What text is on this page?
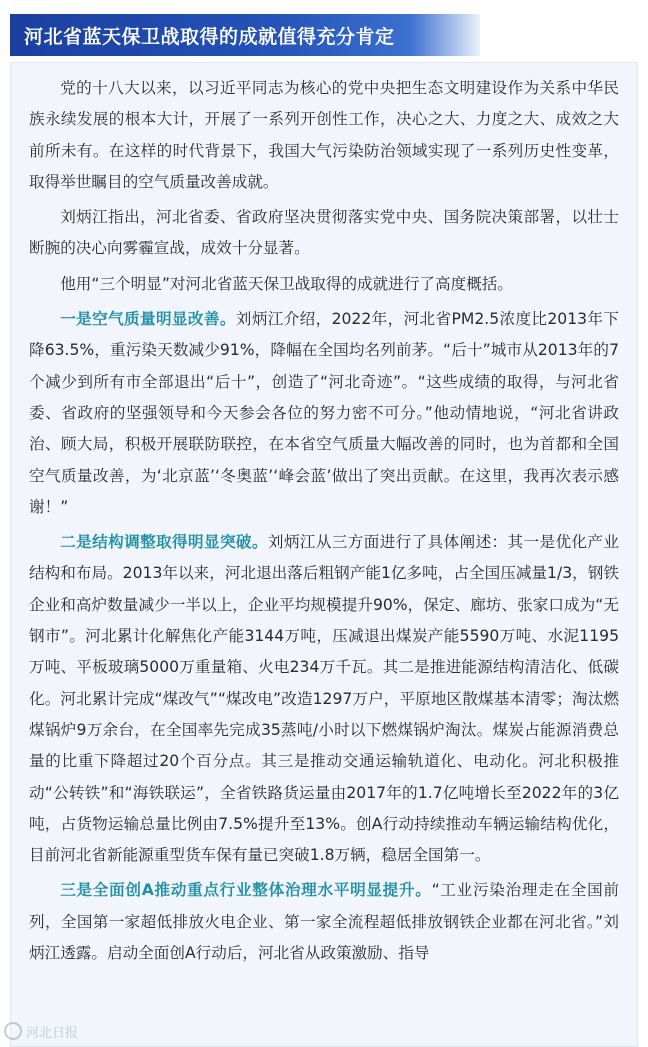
河北省蓝天保卫战取得的成就值得充分肯定

党的十八大以来，以习近平同志为核心的党中央把生态文明建设作为关系中华民族永续发展的根本大计，开展了一系列开创性工作，决心之大、力度之大、成效之大前所未有。在这样的时代背景下，我国大气污染防治领域实现了一系列历史性变革，取得举世瞩目的空气质量改善成就。

刘炳江指出，河北省委、省政府坚决贯彻落实党中央、国务院决策部署，以壮士断腕的决心向雾霾宣战，成效十分显著。

他用“三个明显”对河北省蓝天保卫战取得的成就进行了高度概括。

一是空气质量明显改善。刘炳江介绍，2022年，河北省PM2.5浓度比2013年下降63.5%，重污染天数减少91%，降幅在全国均名列前茅。“后十”城市从2013年的7个减少到所有市全部退出“后十”，创造了“河北奇迹”。“这些成绩的取得，与河北省委、省政府的坚强领导和今天参会各位的努力密不可分。”他动情地说，“河北省讲政治、顾大局，积极开展联防联控，在本省空气质量大幅改善的同时，也为首都和全国空气质量改善，为‘北京蓝’‘冬奥蓝’‘峰会蓝’做出了突出贡献。在这里，我再次表示感谢！”

二是结构调整取得明显突破。刘炳江从三方面进行了具体阐述：其一是优化产业结构和布局。2013年以来，河北退出落后粗钢产能1亿多吨，占全国压减量1/3，钢铁企业和高炉数量减少一半以上，企业平均规模提升90%，保定、廊坊、张家口成为“无钢市”。河北累计化解焦化产能3144万吨，压减退出煤炭产能5590万吨、水泥1195万吨、平板玻璃5000万重量箱、火电234万千瓦。其二是推进能源结构清洁化、低碳化。河北累计完成“煤改气”“煤改电”改造1297万户，平原地区散煤基本清零；淘汰燃煤锅炉9万余台，在全国率先完成35蒸吨/小时以下燃煤锅炉淘汰。煤炭占能源消费总量的比重下降超过20个百分点。其三是推动交通运输轨道化、电动化。河北积极推动“公转铁”和“海铁联运”，全省铁路货运量由2017年的1.7亿吨增长至2022年的3亿吨，占货物运输总量比例由7.5%提升至13%。创A行动持续推动车辆运输结构优化，目前河北省新能源重型货车保有量已突破1.8万辆，稳居全国第一。

三是全面创A推动重点行业整体治理水平明显提升。“工业污染治理走在全国前列，全国第一家超低排放火电企业、第一家全流程超低排放钢铁企业都在河北省。”刘炳江透露。启动全面创A行动后，河北省从政策激励、指导

河北日报
